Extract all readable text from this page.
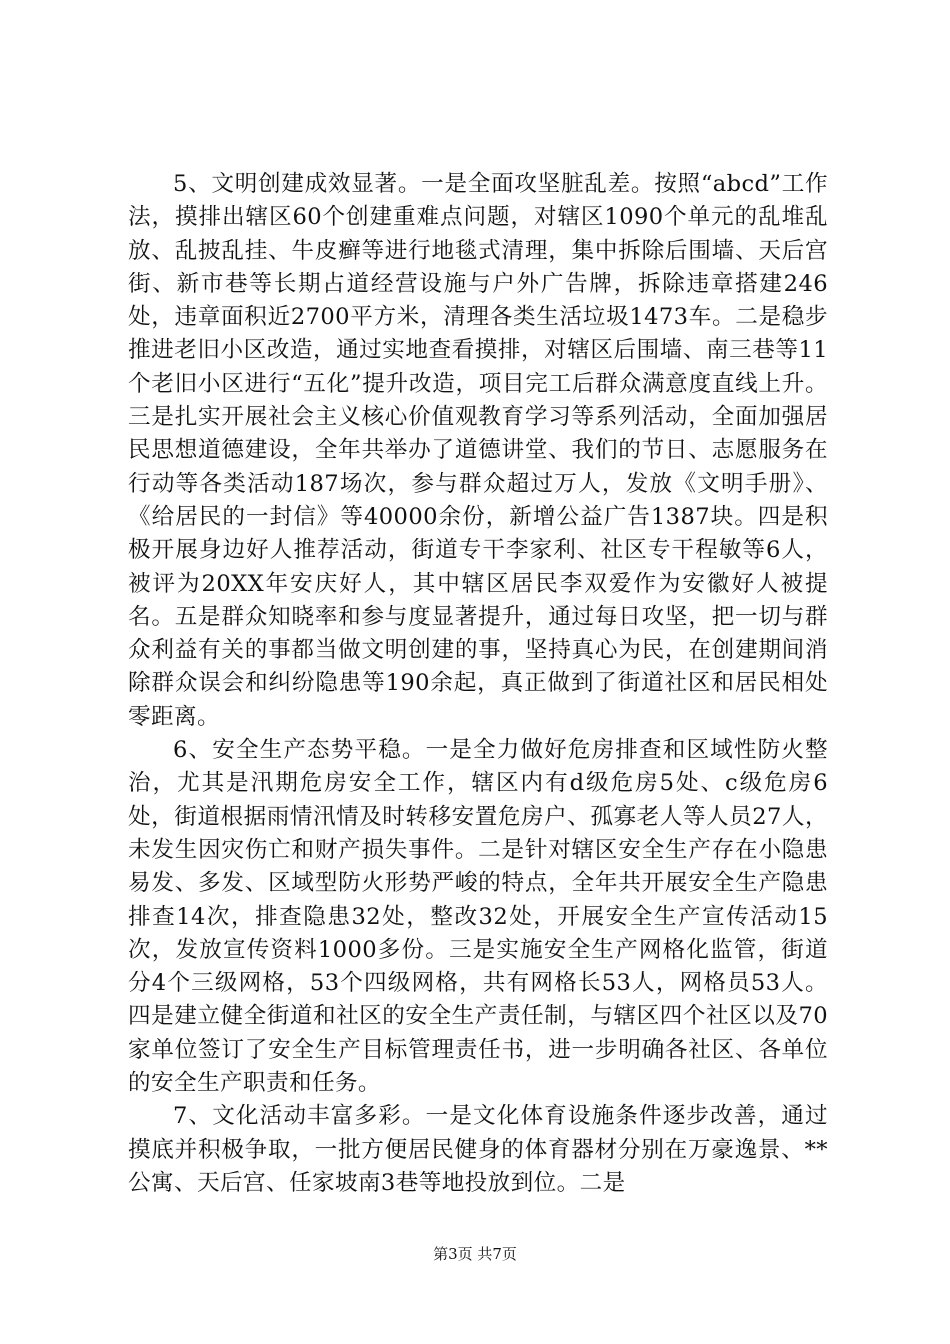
5、文明创建成效显著。一是全面攻坚脏乱差。按照“abcd”工作法，摸排出辖区60个创建重难点问题，对辖区1090个单元的乱堆乱放、乱披乱挂、牛皮癣等进行地毯式清理，集中拆除后围墙、天后宫街、新市巷等长期占道经营设施与户外广告牌，拆除违章搭建246处，违章面积近2700平方米，清理各类生活垃圾1473车。二是稳步推进老旧小区改造，通过实地查看摸排，对辖区后围墙、南三巷等11个老旧小区进行“五化”提升改造，项目完工后群众满意度直线上升。三是扎实开展社会主义核心价值观教育学习等系列活动，全面加强居民思想道德建设，全年共举办了道德讲堂、我们的节日、志愿服务在行动等各类活动187场次，参与群众超过万人，发放《文明手册》、《给居民的一封信》等40000余份，新增公益广告1387块。四是积极开展身边好人推荐活动，街道专干李家利、社区专干程敏等6人，被评为20XX年安庆好人，其中辖区居民李双爱作为安徽好人被提名。五是群众知晓率和参与度显著提升，通过每日攻坚，把一切与群众利益有关的事都当做文明创建的事，坚持真心为民，在创建期间消除群众误会和纠纷隐患等190余起，真正做到了街道社区和居民相处零距离。

6、安全生产态势平稳。一是全力做好危房排查和区域性防火整治，尤其是汛期危房安全工作，辖区内有d级危房5处、c级危房6处，街道根据雨情汛情及时转移安置危房户、孤寡老人等人员27人，未发生因灾伤亡和财产损失事件。二是针对辖区安全生产存在小隐患易发、多发、区域型防火形势严峻的特点，全年共开展安全生产隐患排查14次，排查隐患32处，整改32处，开展安全生产宣传活动15次，发放宣传资料1000多份。三是实施安全生产网格化监管，街道分4个三级网格，53个四级网格，共有网格长53人，网格员53人。四是建立健全街道和社区的安全生产责任制，与辖区四个社区以及70家单位签订了安全生产目标管理责任书，进一步明确各社区、各单位的安全生产职责和任务。

7、文化活动丰富多彩。一是文化体育设施条件逐步改善，通过摸底并积极争取，一批方便居民健身的体育器材分别在万豪逸景、**公寓、天后宫、任家坡南3巷等地投放到位。二是

第3页 共7页
